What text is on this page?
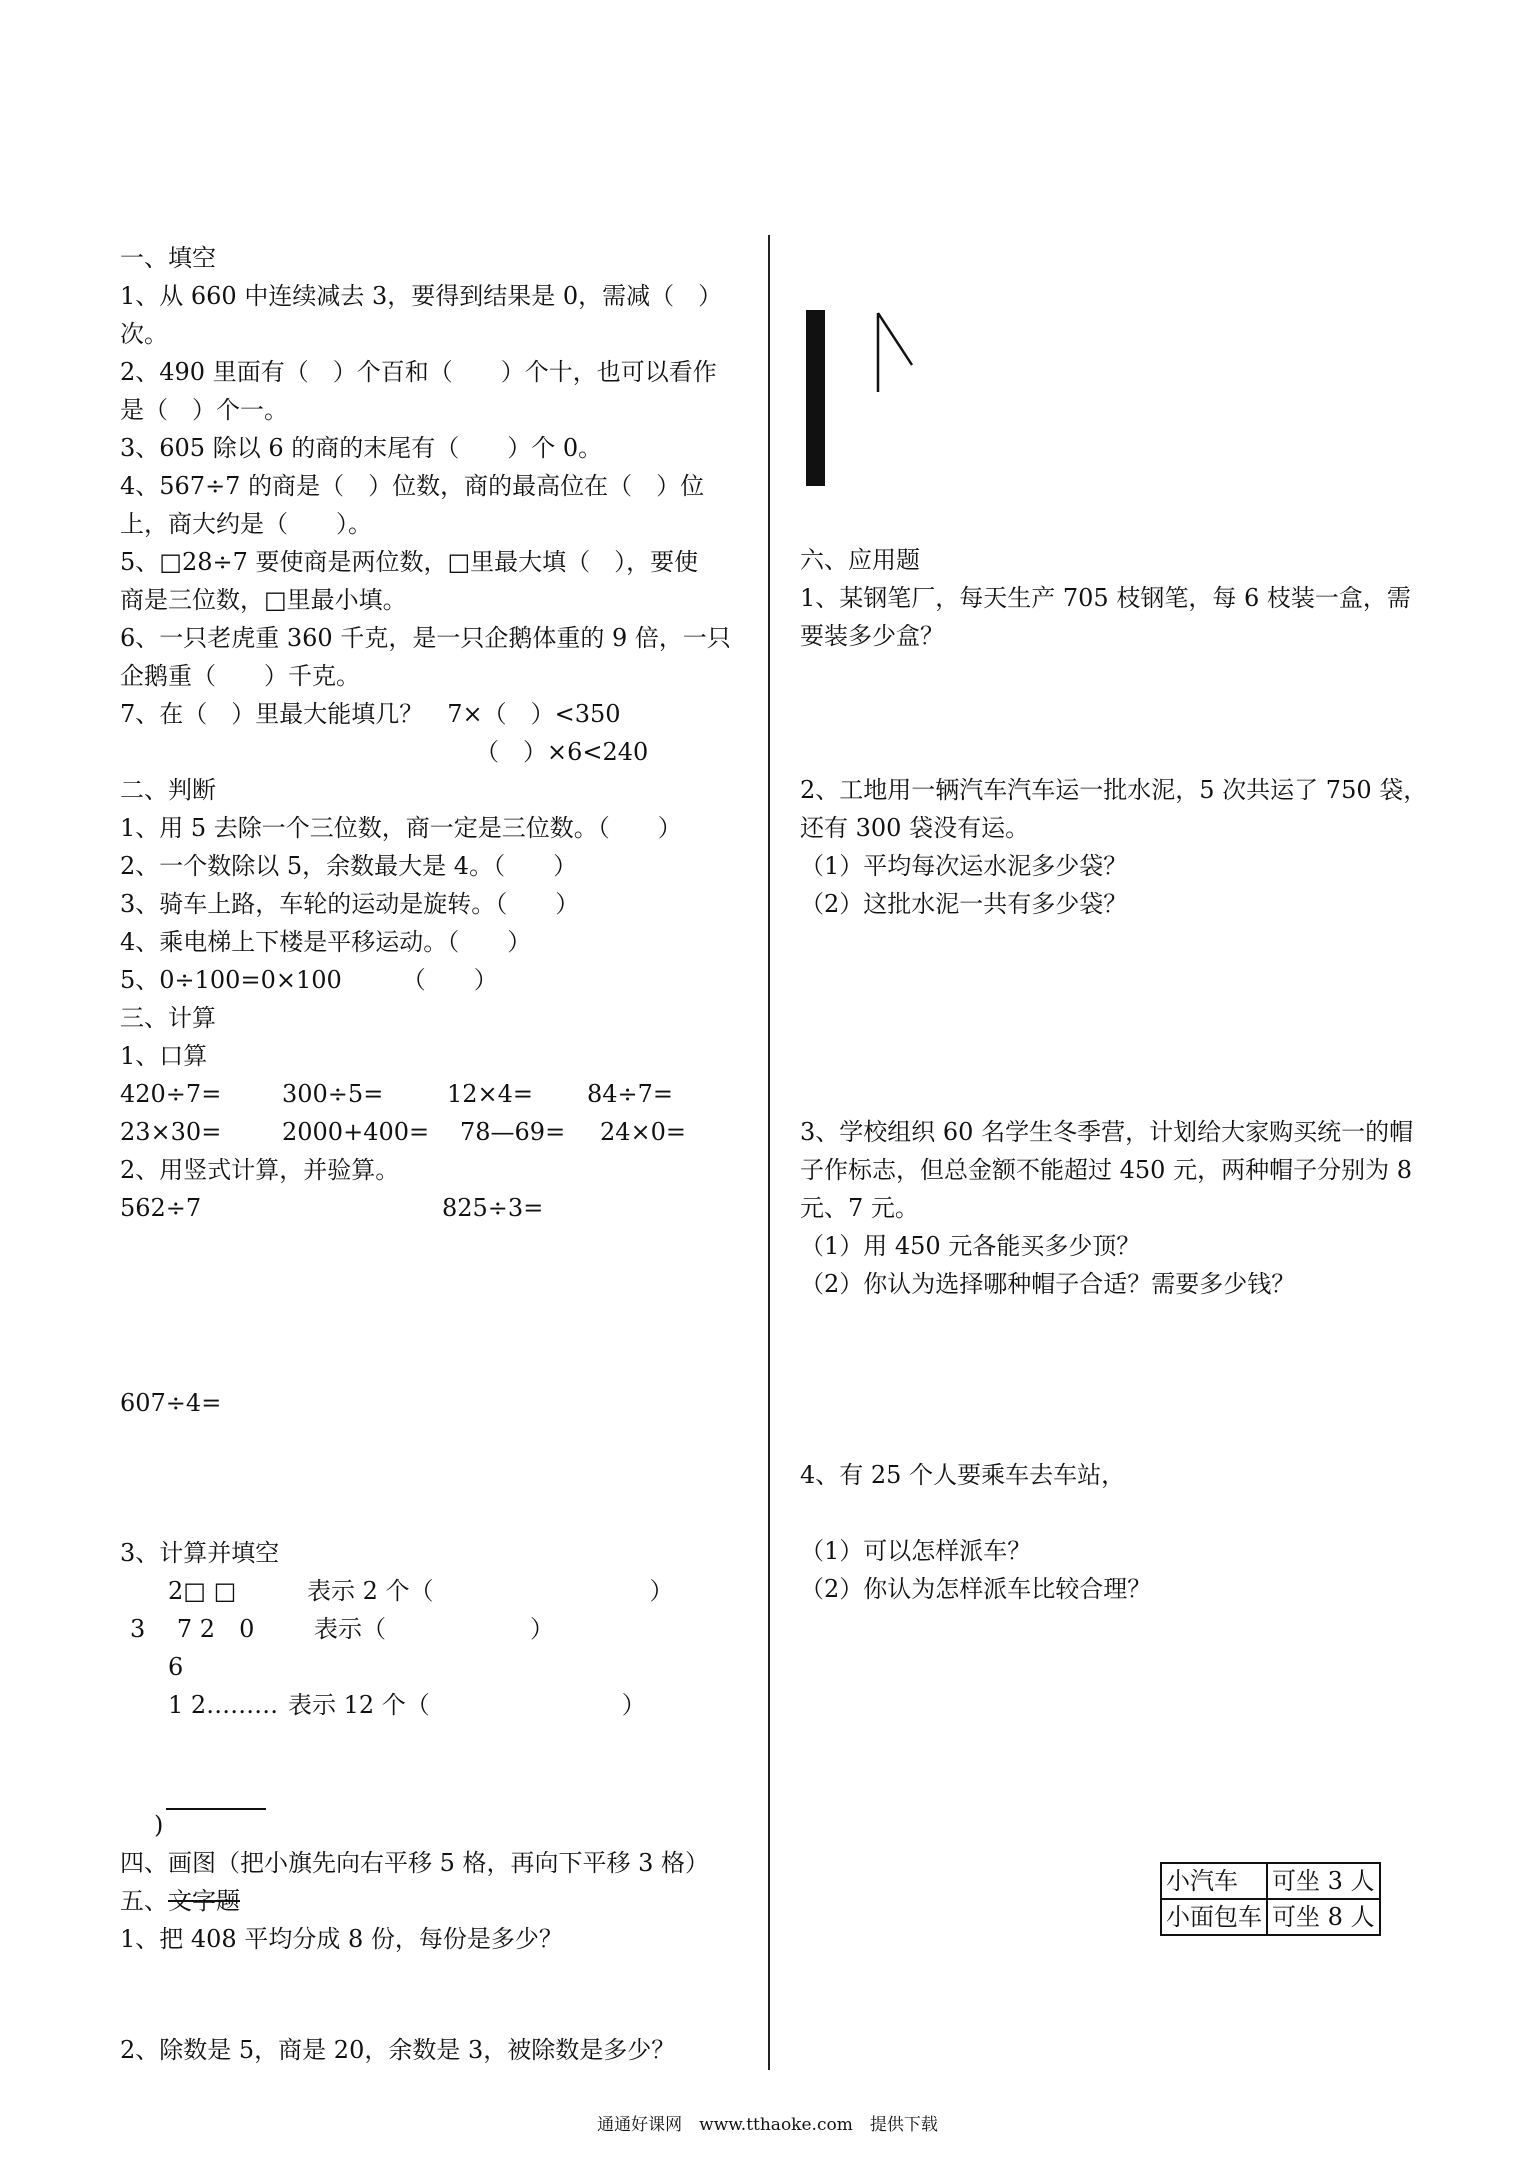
一、填空
1、从 660 中连续减去 3，要得到结果是 0，需减（　）
次。
2、490 里面有（　）个百和（　　）个十，也可以看作
是（　）个一。
3、605 除以 6 的商的末尾有（　　）个 0。
4、567÷7 的商是（　）位数，商的最高位在（　）位
上，商大约是（　　）。
5、□28÷7 要使商是两位数，□里最大填（　），要使
商是三位数，□里最小填。
6、一只老虎重 360 千克，是一只企鹅体重的 9 倍，一只
企鹅重（　　）千克。
7、在（　）里最大能填几？　7×（　）<350
（　）×6<240
二、判断
1、用 5 去除一个三位数，商一定是三位数。（　　）
2、一个数除以 5，余数最大是 4。（　　）
3、骑车上路，车轮的运动是旋转。（　　）
4、乘电梯上下楼是平移运动。（　　）
5、0÷100=0×100　　　（　　）
三、计算
1、口算
420÷7=	300÷5=	12×4= 84÷7=
23×30=	2000+400= 78—69= 24×0=
2、用竖式计算，并验算。
562÷7	825÷3=
607÷4=
3、计算并填空
2□ □	表示 2 个（　　　　　　　　　）
3　 7 2　0 表示（　　　　　　）
6
1 2……… 表示 12 个（　　　　　　　　）
)
四、画图（把小旗先向右平移 5 格，再向下平移 3 格）
五、文字题
1、把 408 平均分成 8 份，每份是多少？
2、除数是 5，商是 20，余数是 3，被除数是多少？

六、应用题
1、某钢笔厂，每天生产 705 枝钢笔，每 6 枝装一盒，需
要装多少盒？
2、工地用一辆汽车汽车运一批水泥，5 次共运了 750 袋，
还有 300 袋没有运。
（1）平均每次运水泥多少袋？
（2）这批水泥一共有多少袋？
3、学校组织 60 名学生冬季营，计划给大家购买统一的帽
子作标志，但总金额不能超过 450 元，两种帽子分别为 8
元、7 元。
（1）用 450 元各能买多少顶？
（2）你认为选择哪种帽子合适？需要多少钱？
4、有 25 个人要乘车去车站，
（1）可以怎样派车？
（2）你认为怎样派车比较合理？
小汽车	可坐 3 人
小面包车	可坐 8 人
通通好课网　www.tthaoke.com　提供下载
